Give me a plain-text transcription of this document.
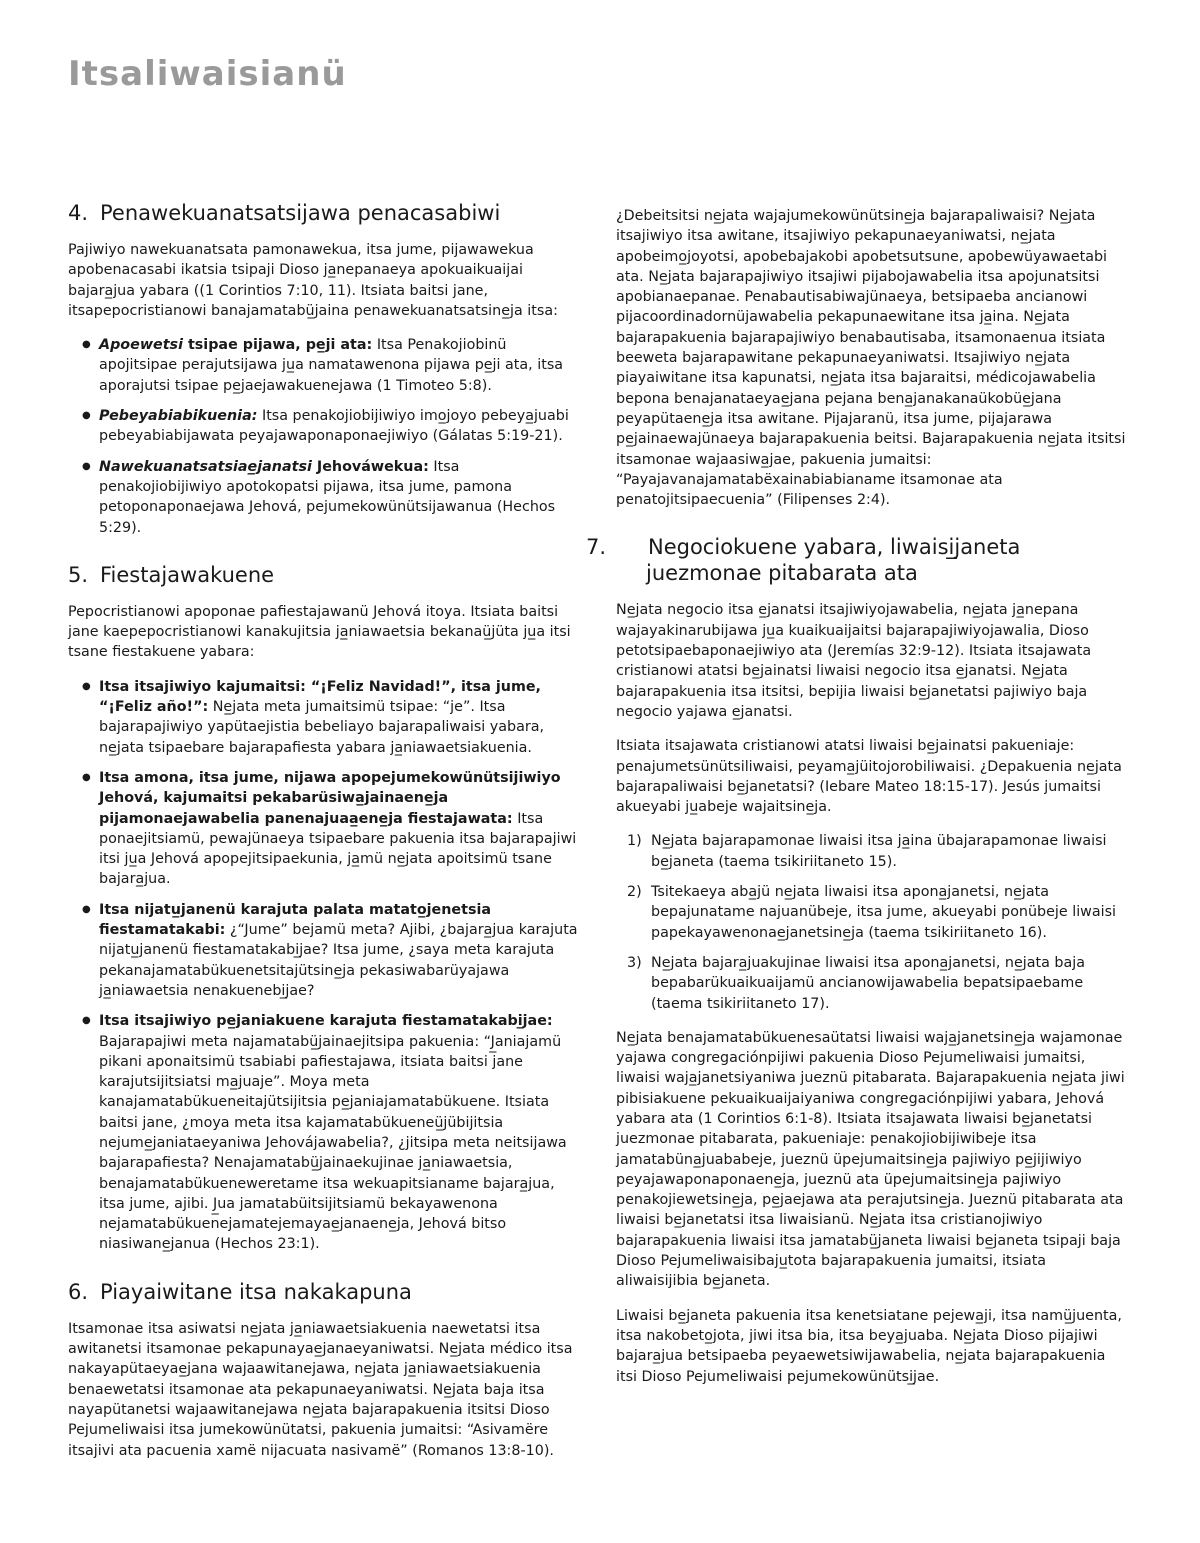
Itsaliwaisianü
4. Penawekuanatsatsijawa penacasabiwi

Pajiwiyo nawekuanatsata pamonawekua, itsa jume, pijawawekua apobenacasabi ikatsia tsipaji Dioso ja̲nepanaeya apokuaikuaijai bajara̲jua yabara ((1 Corintios 7:10, 11). Itsiata baitsi jane, itsapepocristianowi banajamatabü̲jaina penawekuanatsatsine̲ja itsa:

● Apoewetsi tsipae pijawa, pe̲ji ata: Itsa Penakojiobinü apojitsipae perajutsijawa ju̲a namatawenona pijawa pe̲ji ata, itsa aporajutsi tsipae pe̲jaejawakuenejawa (1 Timoteo 5:8).
● Pebeyabiabikuenia: Itsa penakojiobijiwiyo imo̲joyo pebeya̲juabi pebeyabiabijawata peyajawaponaponaejiwiyo (Gálatas 5:19-21).
● Nawekuanatsatsiae̲janatsi Jehováwekua: Itsa penakojiobijiwiyo apotokopatsi pijawa, itsa jume, pamona petoponaponaejawa Jehová, pejumekowünütsijawanua (Hechos 5:29).
5. Fiestajawakuene

Pepocristianowi apoponae pafiestajawanü Jehová itoya. Itsiata baitsi jane kaepepocristianowi kanakujitsia ja̲niawaetsia bekanaü̲jüta ju̲a itsi tsane fiestakuene yabara:

● Itsa itsajiwiyo kajumaitsi: “¡Feliz Navidad!”, itsa jume, “¡Feliz año!”: Ne̲jata meta jumaitsimü tsipae: “je”. Itsa bajarapajiwiyo yapütaejistia bebeliayo bajarapaliwaisi yabara, ne̲jata tsipaebare bajarapafiesta yabara ja̲niawaetsiakuenia.
● Itsa amona, itsa jume, nijawa apopejumekowünütsijiwiyo Jehová, kajumaitsi pekabarüsiwa̲jainaene̲ja pijamonaejawabelia panenajuaa̲ene̲ja fiestajawata: Itsa ponaejitsiamü, pewajünaeya tsipaebare pakuenia itsa bajarapajiwi itsi ju̲a Jehová apopejitsipaekunia, ja̲mü ne̲jata apoitsimü tsane bajara̲jua.
● Itsa nijatu̲janenü karajuta palata matato̲jenetsia fiestamatakabi: ¿“Jume” bejamü meta? Ajibi, ¿bajara̲jua karajuta nijatu̲janenü fiestamatakabi̲jae? Itsa jume, ¿saya meta karajuta pekanajamatabükuenetsitajütsine̲ja pekasiwabarüyajawa ja̲niawaetsia nenakuenebi̲jae?
● Itsa itsajiwiyo pe̲janiakuene karajuta fiestamatakabi̲jae: Bajarapajiwi meta najamatabü̲jainaejitsipa pakuenia: “J̲aniajamü pikani aponaitsimü tsabiabi pafiestajawa, itsiata baitsi jane karajutsijitsiatsi ma̲juaje”. Moya meta kanajamatabükueneitajütsijitsia pe̲janiajamatabükuene. Itsiata baitsi jane, ¿moya meta itsa kajamatabükueneü̲jübijitsia nejume̲janiataeyaniwa Jehovájawabelia?, ¿jitsipa meta neitsijawa bajarapafiesta? Nenajamatabü̲jainaekujinae ja̲niawaetsia, benajamatabükueneweretame itsa wekuapitsianame bajara̲jua, itsa jume, ajibi. J̲ua jamatabüitsijitsiamü bekayawenona nejamatabükuenejamatejemayae̲janaene̲ja, Jehová bitso niasiwane̲janua (Hechos 23:1).
6. Piayaiwitane itsa nakakapuna

Itsamonae itsa asiwatsi ne̲jata ja̲niawaetsiakuenia naewetatsi itsa awitanetsi itsamonae pekapunayae̲janaeyaniwatsi. Ne̲jata médico itsa nakayapütaeyae̲jana wajaawitanejawa, ne̲jata ja̲niawaetsiakuenia benaewetatsi itsamonae ata pekapunaeyaniwatsi. Ne̲jata baja itsa nayapütanetsi wajaawitanejawa ne̲jata bajarapakuenia itsitsi Dioso Pejumeliwaisi itsa jumekowünütatsi, pakuenia jumaitsi: “Asivamëre itsajivi ata pacuenia xamë nijacuata nasivamë” (Romanos 13:8-10).

¿Debeitsitsi ne̲jata wajajumekowünütsine̲ja bajarapaliwaisi? Ne̲jata itsajiwiyo itsa awitane, itsajiwiyo pekapunaeyaniwatsi, ne̲jata apobeimo̲joyotsi, apobebajakobi apobetsutsune, apobewüyawaetabi ata. Ne̲jata bajarapajiwiyo itsajiwi pijabojawabelia itsa apojunatsitsi apobianaepanae. Penabautisabiwajünaeya, betsipaeba ancianowi pijacoordinadornüjawabelia pekapunaewitane itsa ja̲ina. Ne̲jata bajarapakuenia bajarapajiwiyo benabautisaba, itsamonaenua itsiata beeweta bajarapawitane pekapunaeyaniwatsi. Itsajiwiyo ne̲jata piayaiwitane itsa kapunatsi, ne̲jata itsa bajaraitsi, médicojawabelia bepona benajanataeyae̲jana pejana bena̲janakanaükobüe̲jana peyapütaene̲ja itsa awitane. Pijajaranü, itsa jume, pijajarawa pe̲jainaewajünaeya bajarapakuenia beitsi. Bajarapakuenia ne̲jata itsitsi itsamonae wajaasiwa̲jae, pakuenia jumaitsi: “Payajavanajamatabëxainabiabianame itsamonae ata penatojitsipaecuenia” (Filipenses 2:4).

7. Negociokuene yabara, liwaisi̲janeta juezmonae pitabarata ata

Ne̲jata negocio itsa e̲janatsi itsajiwiyojawabelia, ne̲jata ja̲nepana wajayakinarubijawa ju̲a kuaikuaijaitsi bajarapajiwiyojawalia, Dioso petotsipaebaponaejiwiyo ata (Jeremías 32:9-12). Itsiata itsajawata cristianowi atatsi be̲jainatsi liwaisi negocio itsa e̲janatsi. Ne̲jata bajarapakuenia itsa itsitsi, bepijia liwaisi be̲janetatsi pajiwiyo baja negocio yajawa e̲janatsi.

Itsiata itsajawata cristianowi atatsi liwaisi be̲jainatsi pakueniaje: penajumetsünütsiliwaisi, peyama̲jüitojorobiliwaisi. ¿Depakuenia ne̲jata bajarapaliwaisi be̲janetatsi? (Iebare Mateo 18:15-17). Jesús jumaitsi akueyabi ju̲abeje wajaitsine̲ja.

1) Ne̲jata bajarapamonae liwaisi itsa ja̲ina übajarapamonae liwaisi be̲janeta (taema tsikiriitaneto 15).
2) Tsitekaeya aba̲jü ne̲jata liwaisi itsa apona̲janetsi, ne̲jata bepajunatame najuanübeje, itsa jume, akueyabi ponübeje liwaisi papekayawenonae̲janetsine̲ja (taema tsikiriitaneto 16).
3) Ne̲jata bajara̲juakujinae liwaisi itsa apona̲janetsi, ne̲jata baja bepabarükuaikuaijamü ancianowijawabelia bepatsipaebame (taema tsikiriitaneto 17).

Ne̲jata benajamatabükuenesaütatsi liwaisi waja̲janetsine̲ja wajamonae yajawa congregaciónpijiwi pakuenia Dioso Pejumeliwaisi jumaitsi, liwaisi waja̲janetsiyaniwa jueznü pitabarata. Bajarapakuenia ne̲jata jiwi pibisiakuene pekuaikuaijaiyaniwa congregaciónpijiwi yabara, Jehová yabara ata (1 Corintios 6:1-8). Itsiata itsajawata liwaisi be̲janetatsi juezmonae pitabarata, pakueniaje: penakojiobijiwibeje itsa jamatabüna̲juababeje, jueznü üpejumaitsine̲ja pajiwiyo pe̲jijiwiyo peyajawaponaponaene̲ja, jueznü ata üpejumaitsine̲ja pajiwiyo penakojiewetsine̲ja, pe̲jaejawa ata perajutsine̲ja. Jueznü pitabarata ata liwaisi be̲janetatsi itsa liwaisianü. Ne̲jata itsa cristianojiwiyo bajarapakuenia liwaisi itsa jamatabü̲janeta liwaisi be̲janeta tsipaji baja Dioso Pejumeliwaisibaju̲tota bajarapakuenia jumaitsi, itsiata aliwaisijibia be̲janeta.

Liwaisi be̲janeta pakuenia itsa kenetsiatane pejewa̲ji, itsa namü̲juenta, itsa nakobeto̲jota, jiwi itsa bia, itsa beya̲juaba. Ne̲jata Dioso pijajiwi bajara̲jua betsipaeba peyaewetsiwijawabelia, ne̲jata bajarapakuenia itsi Dioso Pejumeliwaisi pejumekowünütsi̲jae.
